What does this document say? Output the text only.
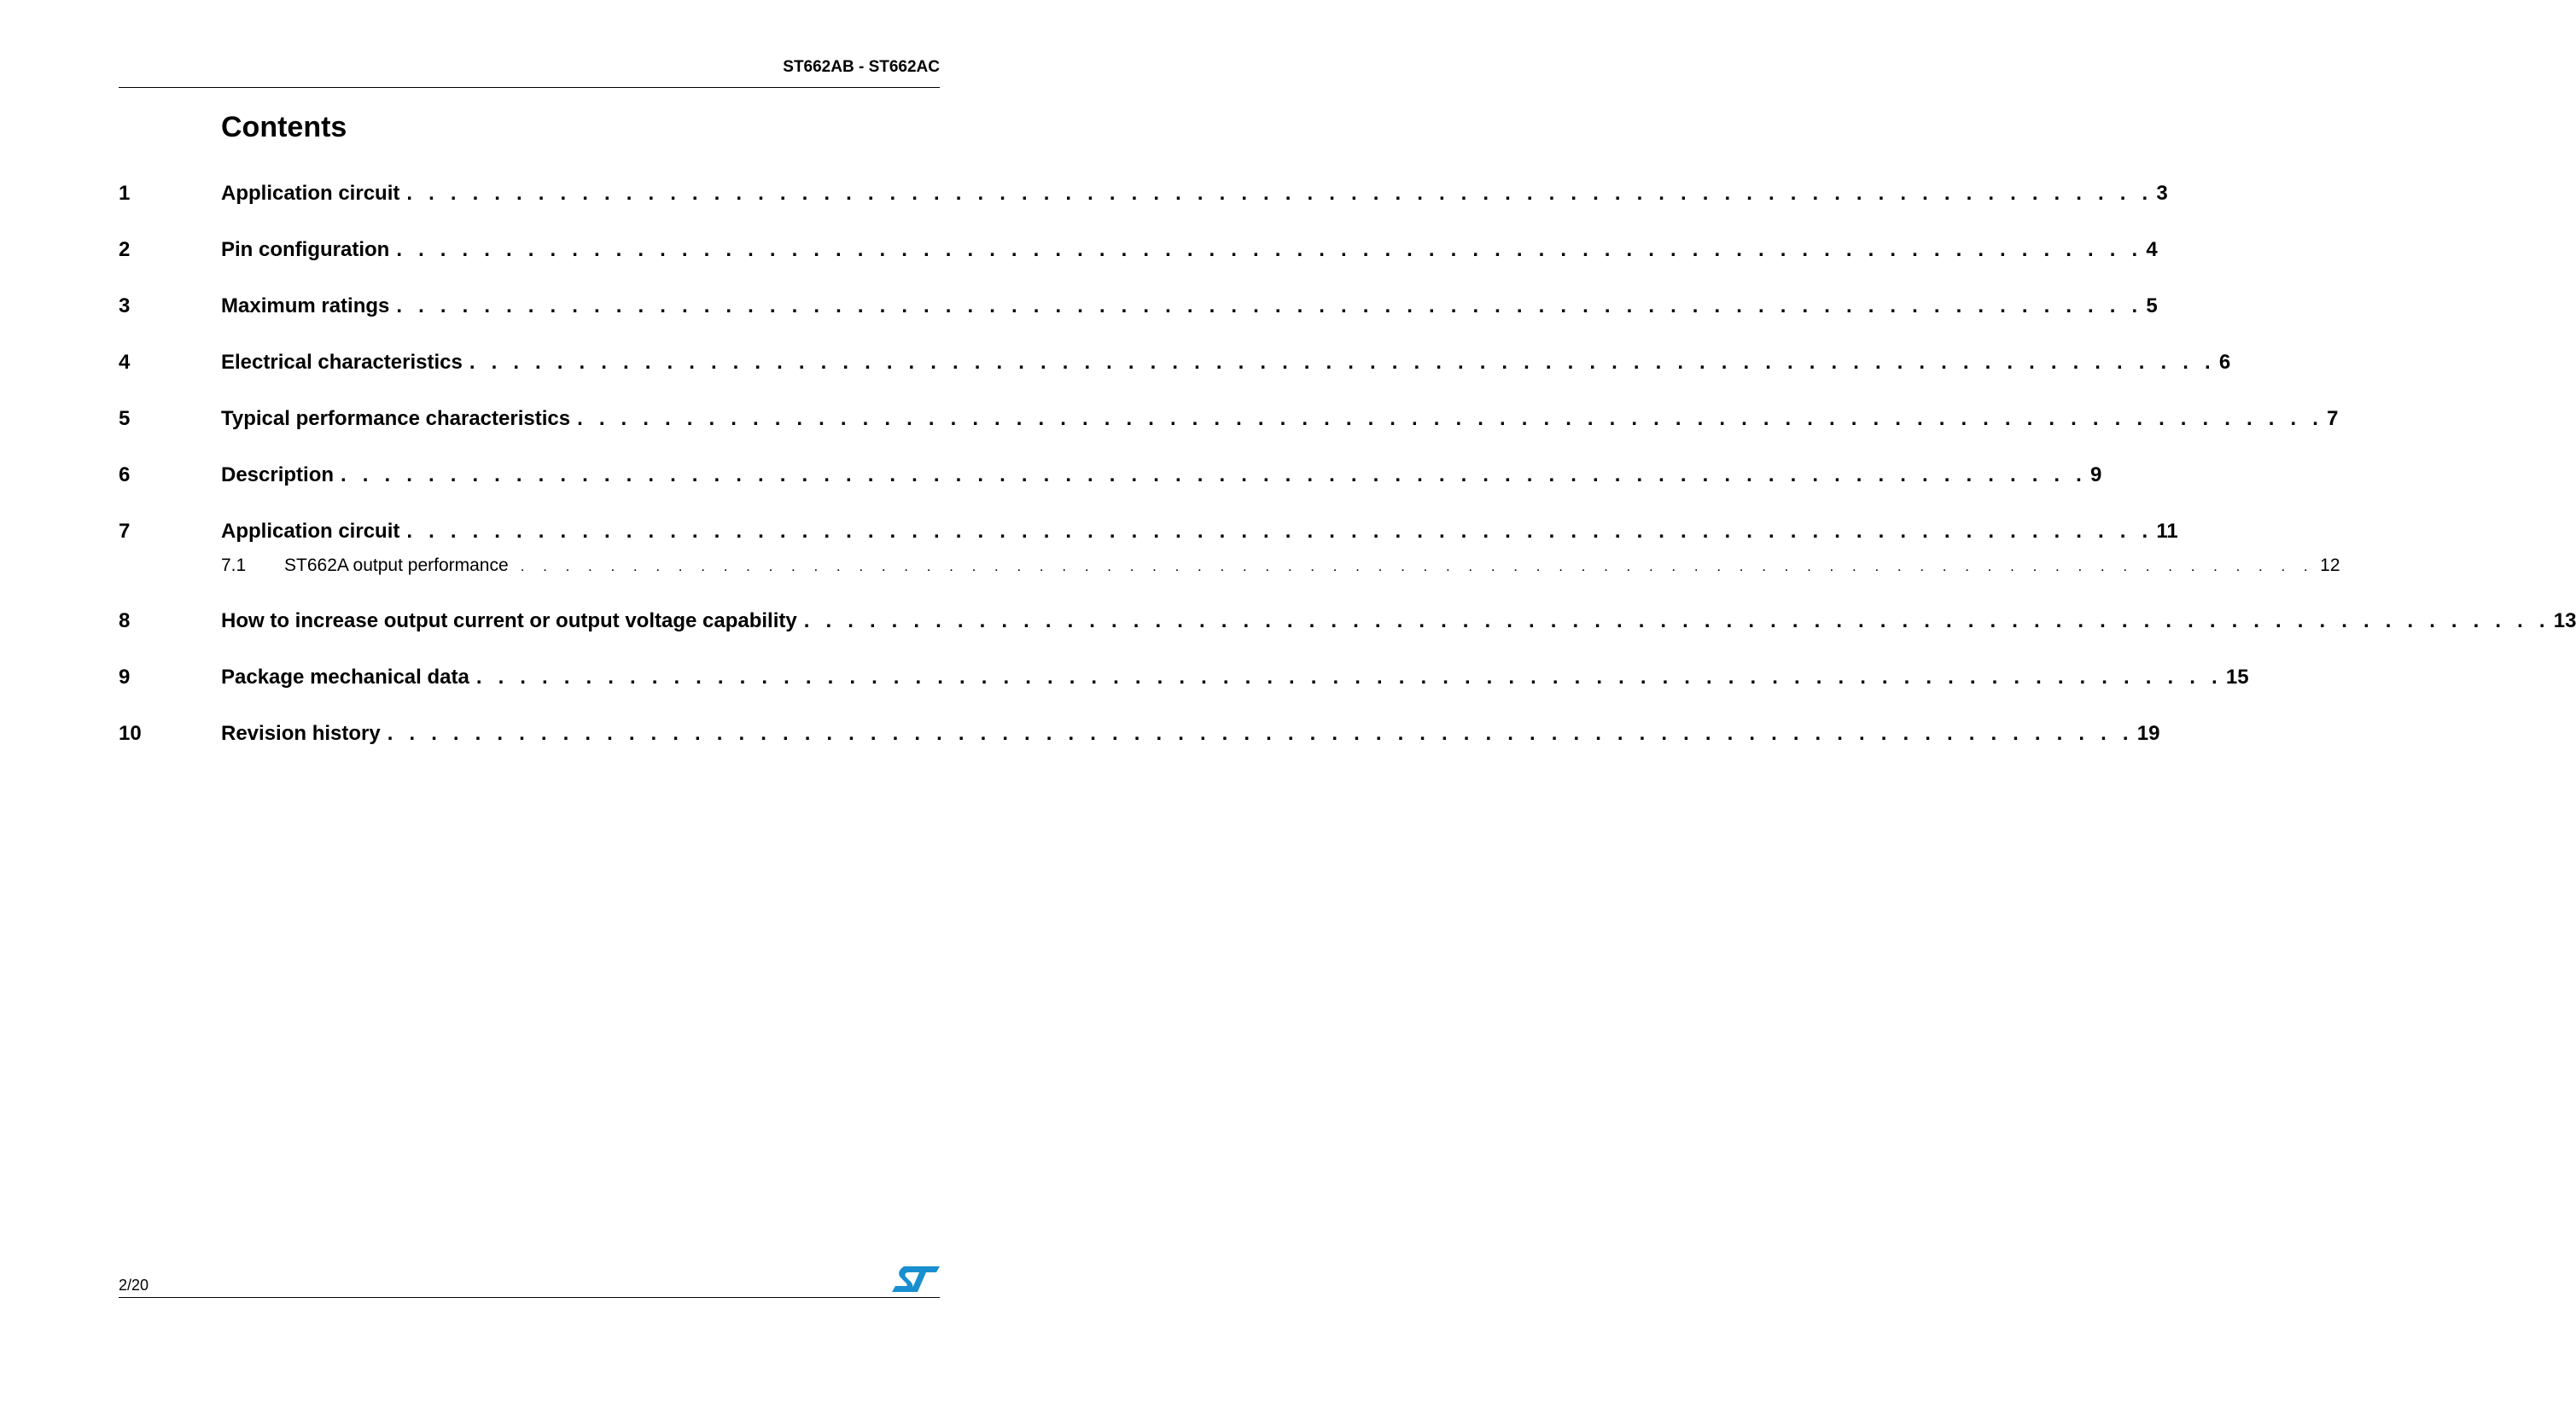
ST662AB - ST662AC
Contents
1	Application circuit . . . . . . . . . . . . . . . . . . . . . . . . . . . . . . . . . . . . . . . . . . . . . . . . . . . . . . . . . . . . . . . . . . . . . . . . . . . . . . . . 3
2	Pin configuration . . . . . . . . . . . . . . . . . . . . . . . . . . . . . . . . . . . . . . . . . . . . . . . . . . . . . . . . . . . . . . . . . . . . . . . . . . . . . . . . 4
3	Maximum ratings . . . . . . . . . . . . . . . . . . . . . . . . . . . . . . . . . . . . . . . . . . . . . . . . . . . . . . . . . . . . . . . . . . . . . . . . . . . . . . . . 5
4	Electrical characteristics . . . . . . . . . . . . . . . . . . . . . . . . . . . . . . . . . . . . . . . . . . . . . . . . . . . . . . . . . . . . . . . . . . . . . . . . . . . . . . . . 6
5	Typical performance characteristics . . . . . . . . . . . . . . . . . . . . . . . . . . . . . . . . . . . . . . . . . . . . . . . . . . . . . . . . . . . . . . . . . . . . . . . . . . . . . . . . 7
6	Description . . . . . . . . . . . . . . . . . . . . . . . . . . . . . . . . . . . . . . . . . . . . . . . . . . . . . . . . . . . . . . . . . . . . . . . . . . . . . . . . 9
7	Application circuit . . . . . . . . . . . . . . . . . . . . . . . . . . . . . . . . . . . . . . . . . . . . . . . . . . . . . . . . . . . . . . . . . . . . . . . . . . . . . . . . 11
7.1 ST662A output performance . . . . . . . . . . . . . . . . . . . . . . . . . . . . . . . . . . . . . . . . . . . . . . . . . . . . . . . . . . . . . . . . . . . . . . . . . . . . . . . . 12
8	How to increase output current or output voltage capability . . . . . . . . . . . . . . . . . . . . . . . . . . . . . . . . . . . . . . . . . . . . . . . . . . . . . . . . . . . . . . . . . . . . . . . . . . . . . . . . 13
9	Package mechanical data . . . . . . . . . . . . . . . . . . . . . . . . . . . . . . . . . . . . . . . . . . . . . . . . . . . . . . . . . . . . . . . . . . . . . . . . . . . . . . . . 15
10	Revision history . . . . . . . . . . . . . . . . . . . . . . . . . . . . . . . . . . . . . . . . . . . . . . . . . . . . . . . . . . . . . . . . . . . . . . . . . . . . . . . . 19
2/20
